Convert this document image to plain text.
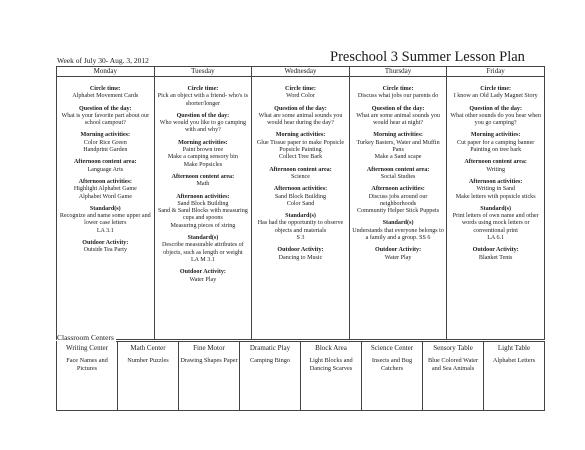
Week of July 30- Aug. 3, 2012	Preschool 3 Summer Lesson Plan
Monday
Circle time:
Alphabet Movement Cards
Question of the day:
What is your favorite part about our school campout?
Morning activities:
Color Rice Green
Handprint Garden
Afternoon content area:
Language Arts
Afternoon activities:
Highlight Alphabet Game
Alphabet Word Game
Standard(s)
Recognize and name some upper and lower case letters
LA 3.1
Outdoor Activity:
Outside Tea Party
Tuesday
Circle time:
Pick an object with a friend- who's is shorter/longer
Question of the day:
Who would you like to go camping with and why?
Morning activities:
Paint brown tree
Make a camping sensory bin
Make Popsicles
Afternoon content area:
Math
Afternoon activities:
Sand Block Building
Sand & Sand Blocks with measuring cups and spoons
Measuring pieces of string
Standard(s)
Describe measurable attributes of objects, such as length or weight
LA M 3.1
Outdoor Activity:
Water Play
Wednesday
Circle time:
Word Color
Question of the day:
What are some animal sounds you would hear during the day?
Morning activities:
Glue Tissue paper to make Popsicle
Popsicle Painting
Collect Tree Bark
Afternoon content area:
Science
Afternoon activities:
Sand Block Building
Color Sand
Standard(s)
Has had the opportunity to observe objects and materials
S 3
Outdoor Activity:
Dancing to Music
Thursday
Circle time:
Discuss what jobs our parents do
Question of the day:
What are some animal sounds you would hear at night?
Morning activities:
Turkey Basters, Water and Muffin Pans
Make a Sand scape
Afternoon content area:
Social Studies
Afternoon activities:
Discuss jobs around our neighborhoods
Community Helper Stick Puppets
Standard(s)
Understands that everyone belongs to a family and a group. SS 6
Outdoor Activity:
Water Play
Friday
Circle time:
I know an Old Lady Magnet Story
Question of the day:
What other sounds do you hear when you go camping?
Morning activities:
Cut paper for a camping banner
Painting on tree bark
Afternoon content area:
Writing
Afternoon activities:
Writing in Sand
Make letters with popsicle sticks
Standard(s)
Print letters of own name and other words using mock letters or conventional print
LA 6.1
Outdoor Activity:
Blanket Tents
Writing Center
Face Names and Pictures
Math Center
Number Puzzles
Fine Motor
Drawing Shapes Paper
Dramatic Play
Camping Bingo
Block Area
Light Blocks and Dancing Scarves
Science Center
Insects and Bug Catchers
Sensory Table
Blue Colored Water and Sea Animals
Light Table
Alphabet Letters
Classroom Centers
